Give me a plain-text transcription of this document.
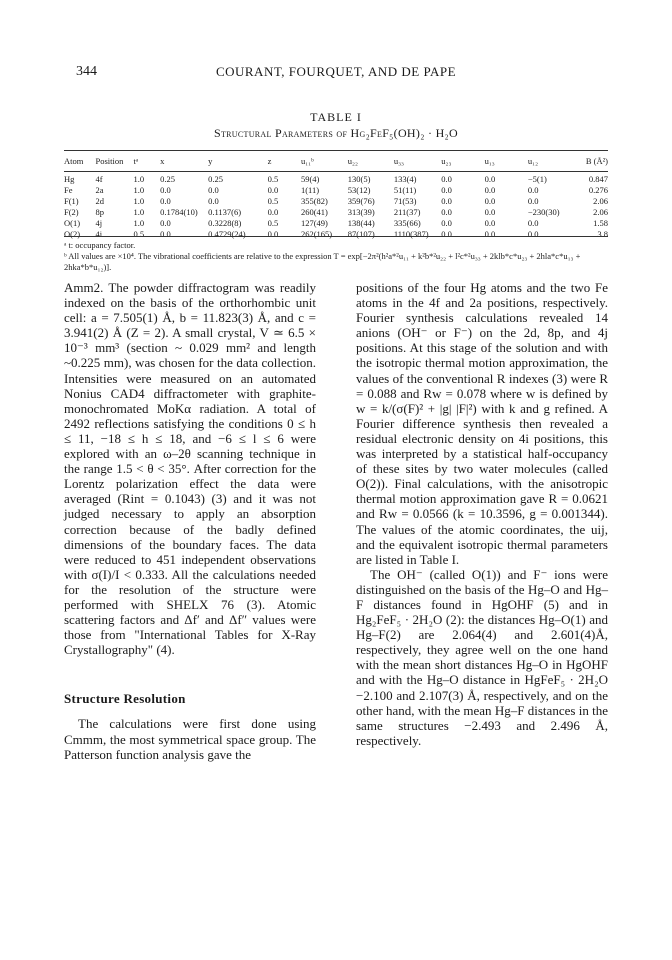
344	COURANT, FOURQUET, AND DE PAPE
TABLE I
Structural Parameters of Hg₂FeF₅(OH)₂ · H₂O
Atom	Position	tᵃ	x	y	z	u₁₁ᵇ	u₂₂	u₃₃	u₂₃	u₁₃	u₁₂	B (Å²)
Hg	4f	1.0	0.25	0.25	0.5	59(4)	130(5)	133(4)	0.0	0.0	−5(1)	0.847
Fe	2a	1.0	0.0	0.0	0.0	1(11)	53(12)	51(11)	0.0	0.0	0.0	0.276
F(1)	2d	1.0	0.0	0.0	0.5	355(82)	359(76)	71(53)	0.0	0.0	0.0	2.06
F(2)	8p	1.0	0.1784(10)	0.1137(6)	0.0	260(41)	313(39)	211(37)	0.0	0.0	−230(30)	2.06
O(1)	4j	1.0	0.0	0.3228(8)	0.5	127(49)	138(44)	335(66)	0.0	0.0	0.0	1.58
O(2)	4i	0.5	0.0	0.4729(24)	0.0	262(165)	87(107)	1110(387)	0.0	0.0	0.0	3.8

ᵃ t: occupancy factor.

ᵇ All values are ×10⁴. The vibrational coefficients are relative to the expression T = exp[−2π²(h²a*²u₁₁ + k²b*²u₂₂ + l²c*²u₃₃ + 2klb*c*u₂₃ + 2hla*c*u₁₃ + 2hka*b*u₁₂)].

Amm2. The powder diffractogram was readily indexed on the basis of the orthorhombic unit cell: a = 7.505(1) Å, b = 11.823(3) Å, and c = 3.941(2) Å (Z = 2). A small crystal, V ≃ 6.5 × 10⁻³ mm³ (section ~ 0.029 mm² and length ~0.225 mm), was chosen for the data collection. Intensities were measured on an automated Nonius CAD4 diffractometer with graphite-monochromated MoKα radiation. A total of 2492 reflections satisfying the conditions 0 ≤ h ≤ 11, −18 ≤ h ≤ 18, and −6 ≤ l ≤ 6 were explored with an ω–2θ scanning technique in the range 1.5 < θ < 35°. After correction for the Lorentz polarization effect the data were averaged (Rint = 0.1043) (3) and it was not judged necessary to apply an absorption correction because of the badly defined dimensions of the boundary faces. The data were reduced to 451 independent observations with σ(I)/I < 0.333. All the calculations needed for the resolution of the structure were performed with SHELX 76 (3). Atomic scattering factors and Δf′ and Δf″ values were those from "International Tables for X-Ray Crystallography" (4).

Structure Resolution

The calculations were first done using Cmmm, the most symmetrical space group. The Patterson function analysis gave the

positions of the four Hg atoms and the two Fe atoms in the 4f and 2a positions, respectively. Fourier synthesis calculations revealed 14 anions (OH⁻ or F⁻) on the 2d, 8p, and 4j positions. At this stage of the solution and with the isotropic thermal motion approximation, the values of the conventional R indexes (3) were R = 0.088 and Rw = 0.078 where w is defined by w = k/(σ(F)² + |g| |F|²) with k and g refined. A Fourier difference synthesis then revealed a residual electronic density on 4i positions, this was interpreted by a statistical half-occupancy of these sites by two water molecules (called O(2)). Final calculations, with the anisotropic thermal motion approximation gave R = 0.0621 and Rw = 0.0566 (k = 10.3596, g = 0.001344). The values of the atomic coordinates, the uij, and the equivalent isotropic thermal parameters are listed in Table I.

The OH⁻ (called O(1)) and F⁻ ions were distinguished on the basis of the Hg–O and Hg–F distances found in HgOHF (5) and in Hg₂FeF₅ · 2H₂O (2): the distances Hg–O(1) and Hg–F(2) are 2.064(4) and 2.601(4)Å, respectively, they agree well on the one hand with the mean short distances Hg–O in HgOHF and with the Hg–O distance in HgFeF₅ · 2H₂O −2.100 and 2.107(3) Å, respectively, and on the other hand, with the mean Hg–F distances in the same structures −2.493 and 2.496 Å, respectively.
